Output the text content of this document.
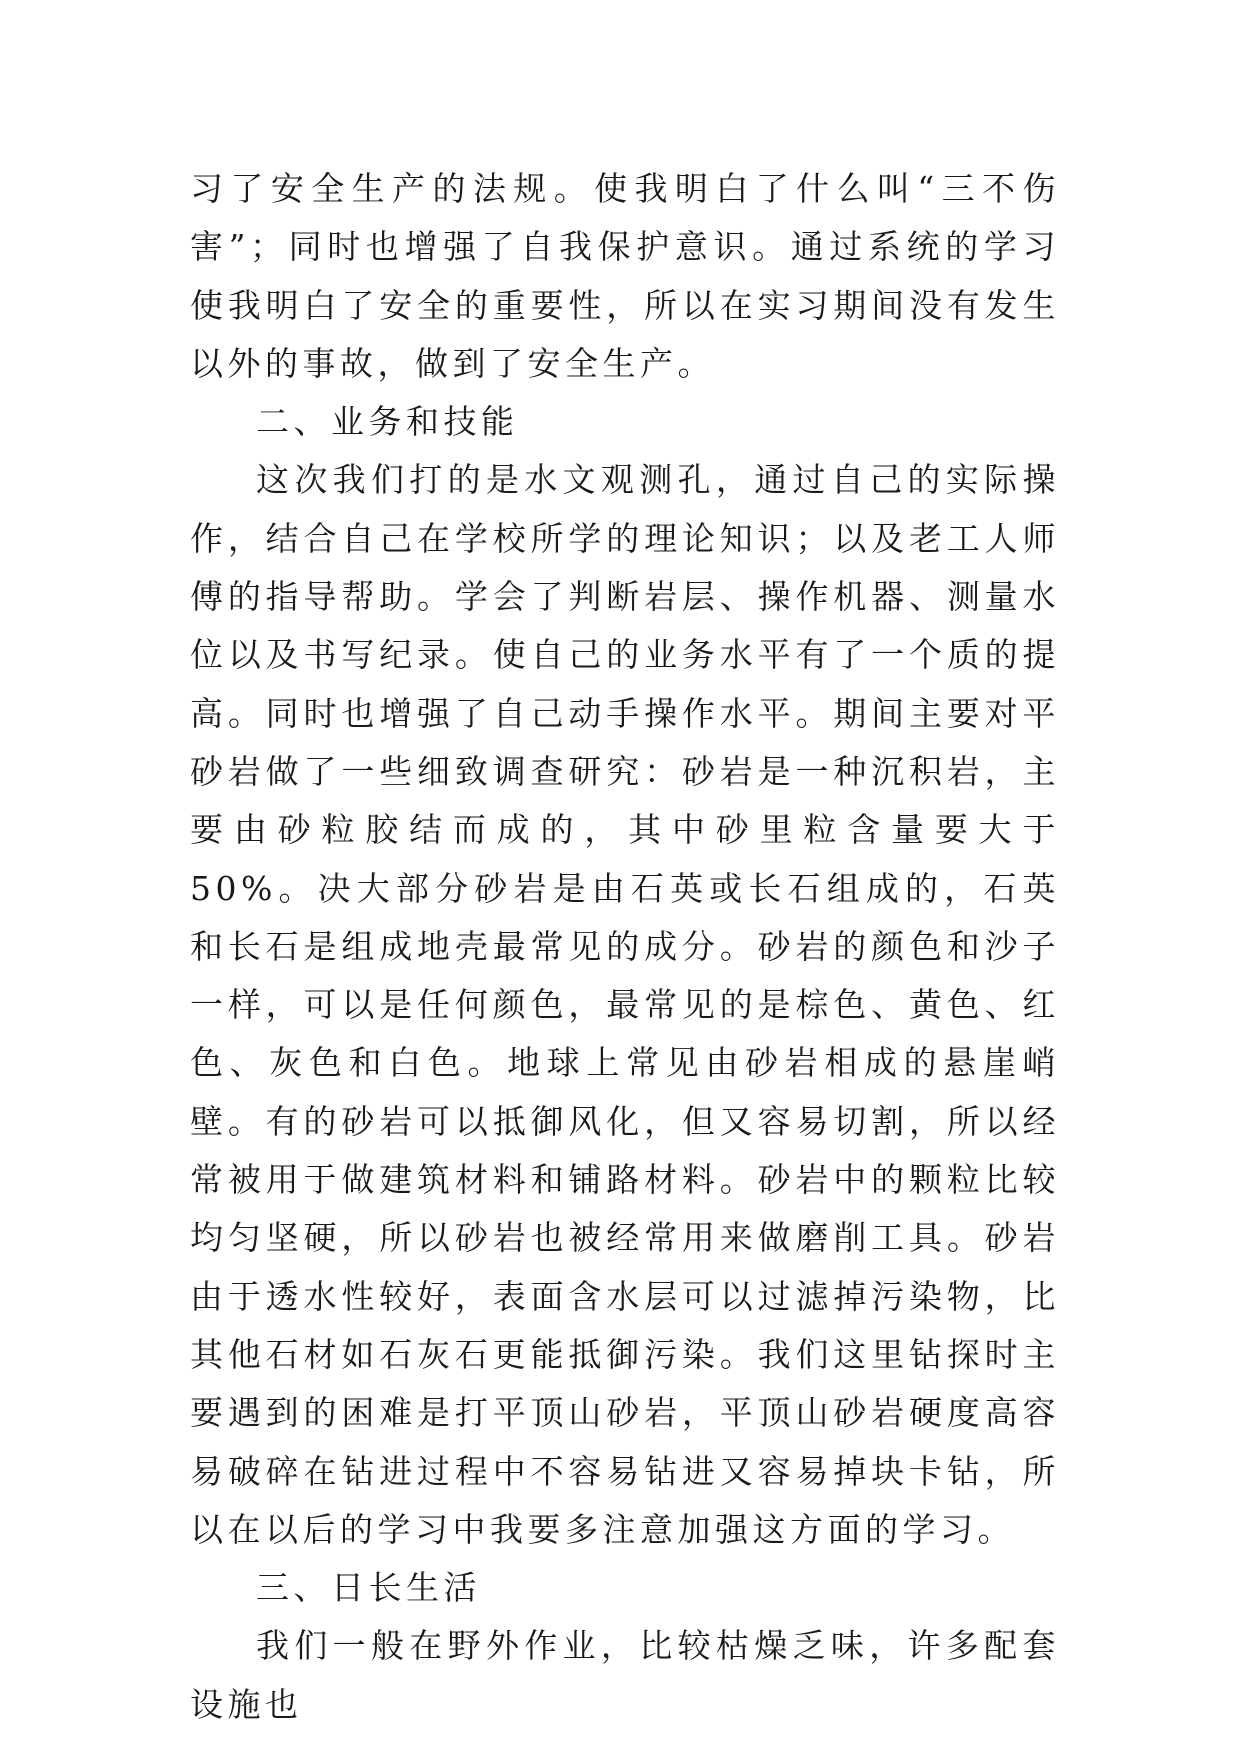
习了安全生产的法规。使我明白了什么叫“三不伤害”；同时也增强了自我保护意识。通过系统的学习使我明白了安全的重要性，所以在实习期间没有发生以外的事故，做到了安全生产。

二、业务和技能

这次我们打的是水文观测孔，通过自己的实际操作，结合自己在学校所学的理论知识；以及老工人师傅的指导帮助。学会了判断岩层、操作机器、测量水位以及书写纪录。使自己的业务水平有了一个质的提高。同时也增强了自己动手操作水平。期间主要对平砂岩做了一些细致调查研究：砂岩是一种沉积岩，主要由砂粒胶结而成的，其中砂里粒含量要大于50%。决大部分砂岩是由石英或长石组成的，石英和长石是组成地壳最常见的成分。砂岩的颜色和沙子一样，可以是任何颜色，最常见的是棕色、黄色、红色、灰色和白色。地球上常见由砂岩相成的悬崖峭壁。有的砂岩可以抵御风化，但又容易切割，所以经常被用于做建筑材料和铺路材料。砂岩中的颗粒比较均匀坚硬，所以砂岩也被经常用来做磨削工具。砂岩由于透水性较好，表面含水层可以过滤掉污染物，比其他石材如石灰石更能抵御污染。我们这里钻探时主要遇到的困难是打平顶山砂岩，平顶山砂岩硬度高容易破碎在钻进过程中不容易钻进又容易掉块卡钻，所以在以后的学习中我要多注意加强这方面的学习。

三、日长生活

我们一般在野外作业，比较枯燥乏味，许多配套设施也
